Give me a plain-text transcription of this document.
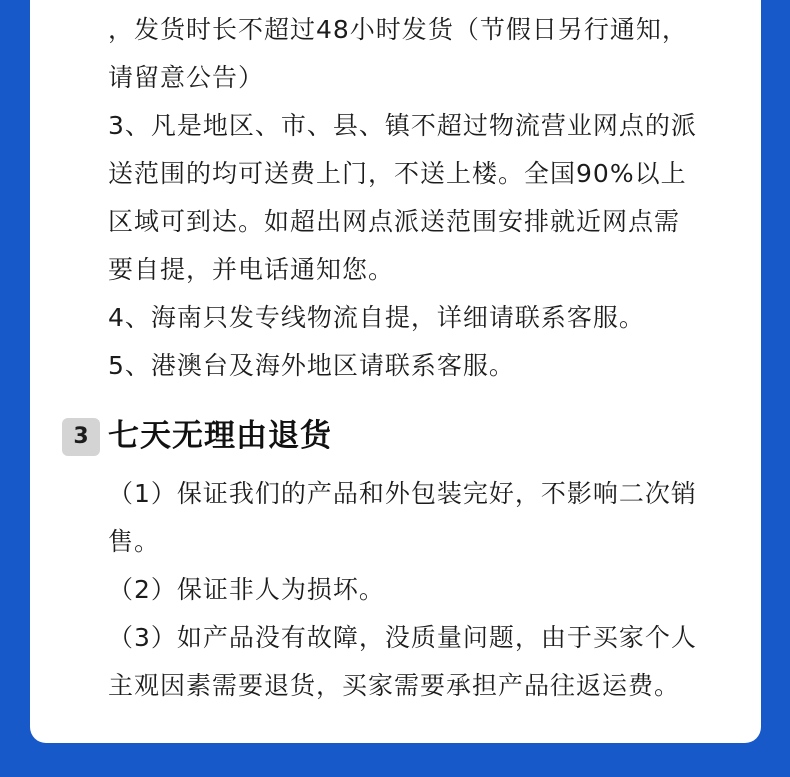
，发货时长不超过48小时发货（节假日另行通知，
请留意公告）
3、凡是地区、市、县、镇不超过物流营业网点的派
送范围的均可送费上门，不送上楼。全国90%以上
区域可到达。如超出网点派送范围安排就近网点需
要自提，并电话通知您。
4、海南只发专线物流自提，详细请联系客服。
5、港澳台及海外地区请联系客服。
3 七天无理由退货
（1）保证我们的产品和外包装完好，不影响二次销
售。
（2）保证非人为损坏。
（3）如产品没有故障，没质量问题，由于买家个人
主观因素需要退货，买家需要承担产品往返运费。
